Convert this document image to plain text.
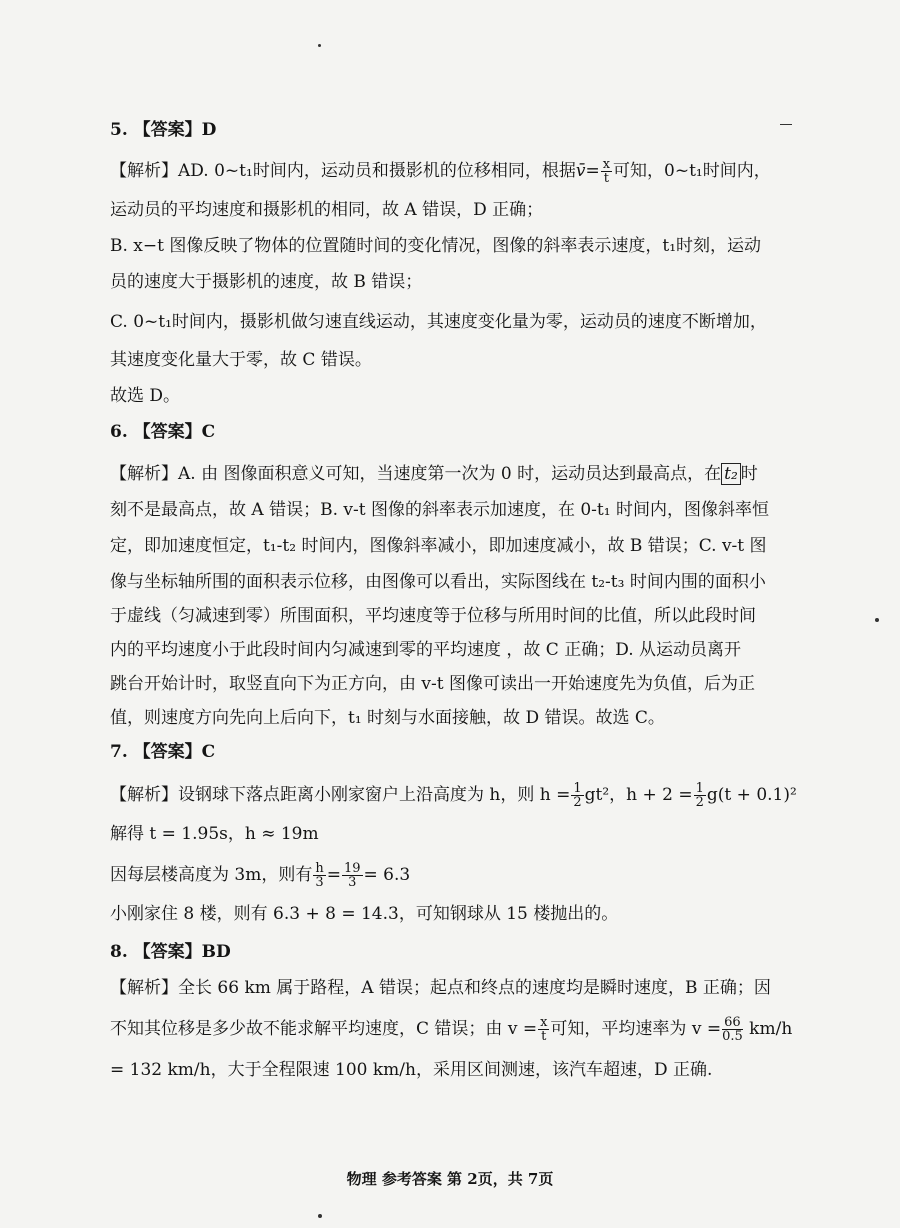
5. 【答案】D
【解析】AD. 0~t₁时间内，运动员和摄影机的位移相同，根据v̄= $\frac{x}{t}$ 可知，0~t₁时间内，
运动员的平均速度和摄影机的相同，故 A 错误，D 正确；
B. x−t 图像反映了物体的位置随时间的变化情况，图像的斜率表示速度，t₁时刻，运动
员的速度大于摄影机的速度，故 B 错误；
C. 0~t₁时间内，摄影机做匀速直线运动，其速度变化量为零，运动员的速度不断增加，
其速度变化量大于零，故 C 错误。
故选 D。
6. 【答案】C
【解析】A. 由 图像面积意义可知，当速度第一次为 0 时，运动员达到最高点，在 t₂ 时
刻不是最高点，故 A 错误；B. v-t 图像的斜率表示加速度，在 0-t₁ 时间内，图像斜率恒
定，即加速度恒定，t₁-t₂ 时间内，图像斜率减小，即加速度减小，故 B 错误；C. v-t 图
像与坐标轴所围的面积表示位移，由图像可以看出，实际图线在 t₂-t₃ 时间内围的面积小
于虚线（匀减速到零）所围面积，平均速度等于位移与所用时间的比值，所以此段时间
内的平均速度小于此段时间内匀减速到零的平均速度 ，故 C 正确；D. 从运动员离开
跳台开始计时，取竖直向下为正方向，由 v-t 图像可读出一开始速度先为负值，后为正
值，则速度方向先向上后向下，t₁ 时刻与水面接触，故 D 错误。故选 C。
7. 【答案】C
【解析】设钢球下落点距离小刚家窗户上沿高度为 h，则 $h = \frac{1}{2} gt^2$，$h + 2 = \frac{1}{2} g(t + 0.1)^2$
解得 t = 1.95s，h ≈ 19m
因每层楼高度为 3m，则有 $\frac{h}{3} = \frac{19}{3} = 6.3$
小刚家住 8 楼，则有 6.3 + 8 = 14.3，可知钢球从 15 楼抛出的。
8. 【答案】BD
【解析】全长 66 km 属于路程，A 错误；起点和终点的速度均是瞬时速度，B 正确；因
不知其位移是多少故不能求解平均速度，C 错误；由 $v = \frac{x}{t}$ 可知，平均速率为 $v = \frac{66}{0.5} km/h$
= 132 km/h，大于全程限速 100 km/h，采用区间测速，该汽车超速，D 正确.
物理 参考答案 第 2页，共 7页
